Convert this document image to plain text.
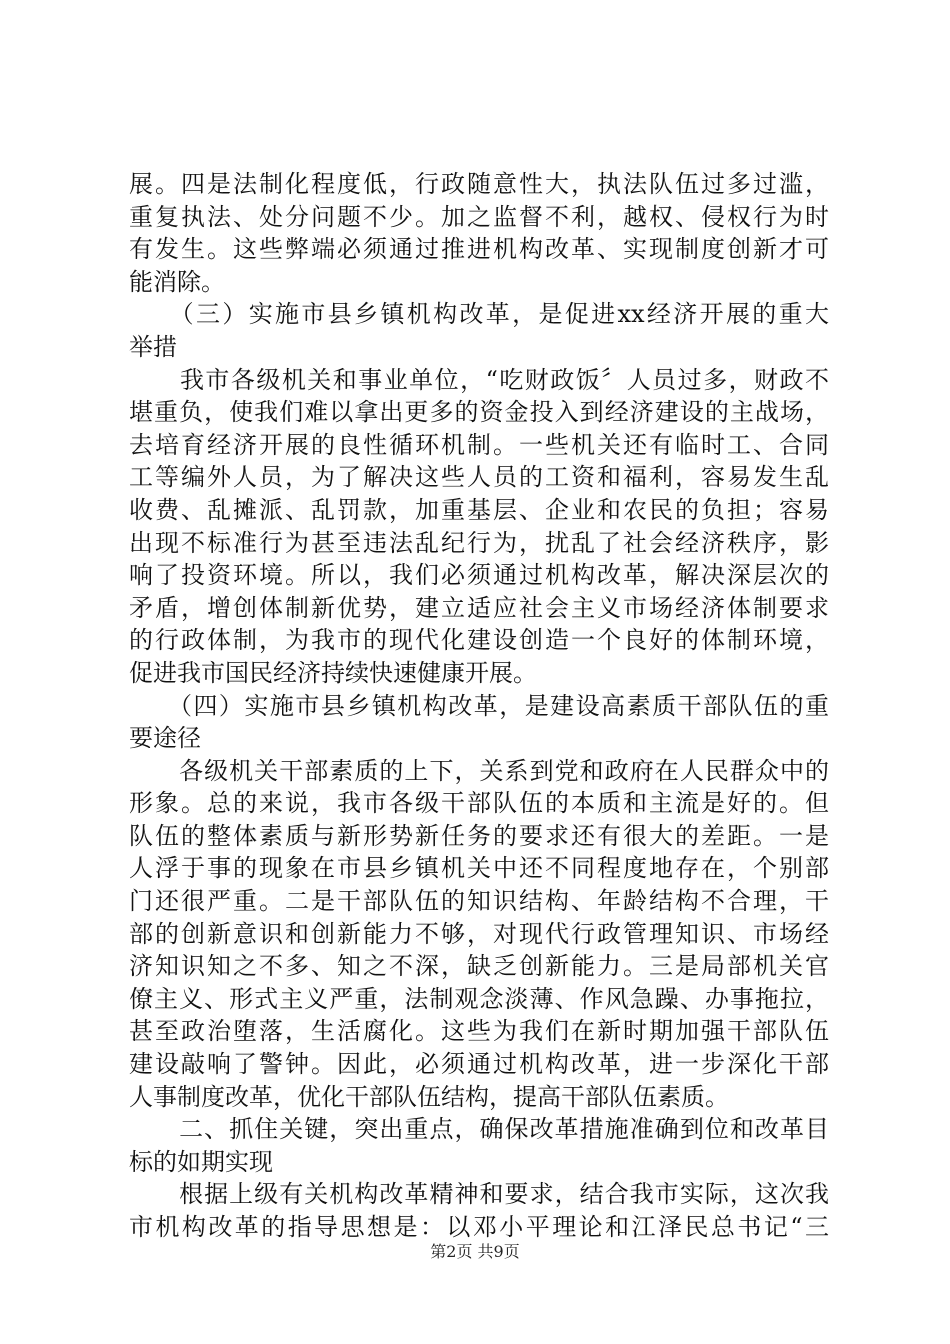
展。四是法制化程度低，行政随意性大，执法队伍过多过滥，
重复执法、处分问题不少。加之监督不利，越权、侵权行为时
有发生。这些弊端必须通过推进机构改革、实现制度创新才可
能消除。
　　（三）实施市县乡镇机构改革，是促进xx经济开展的重大
举措
　　我市各级机关和事业单位，“吃财政饭〞人员过多，财政不
堪重负，使我们难以拿出更多的资金投入到经济建设的主战场，
去培育经济开展的良性循环机制。一些机关还有临时工、合同
工等编外人员，为了解决这些人员的工资和福利，容易发生乱
收费、乱摊派、乱罚款，加重基层、企业和农民的负担；容易
出现不标准行为甚至违法乱纪行为，扰乱了社会经济秩序，影
响了投资环境。所以，我们必须通过机构改革，解决深层次的
矛盾，增创体制新优势，建立适应社会主义市场经济体制要求
的行政体制，为我市的现代化建设创造一个良好的体制环境，
促进我市国民经济持续快速健康开展。
　　（四）实施市县乡镇机构改革，是建设高素质干部队伍的重
要途径
　　各级机关干部素质的上下，关系到党和政府在人民群众中的
形象。总的来说，我市各级干部队伍的本质和主流是好的。但
队伍的整体素质与新形势新任务的要求还有很大的差距。一是
人浮于事的现象在市县乡镇机关中还不同程度地存在，个别部
门还很严重。二是干部队伍的知识结构、年龄结构不合理，干
部的创新意识和创新能力不够，对现代行政管理知识、市场经
济知识知之不多、知之不深，缺乏创新能力。三是局部机关官
僚主义、形式主义严重，法制观念淡薄、作风急躁、办事拖拉，
甚至政治堕落，生活腐化。这些为我们在新时期加强干部队伍
建设敲响了警钟。因此，必须通过机构改革，进一步深化干部
人事制度改革，优化干部队伍结构，提高干部队伍素质。
　　二、抓住关键，突出重点，确保改革措施准确到位和改革目
标的如期实现
　　根据上级有关机构改革精神和要求，结合我市实际，这次我
市机构改革的指导思想是：以邓小平理论和江泽民总书记“三
第2页 共9页
